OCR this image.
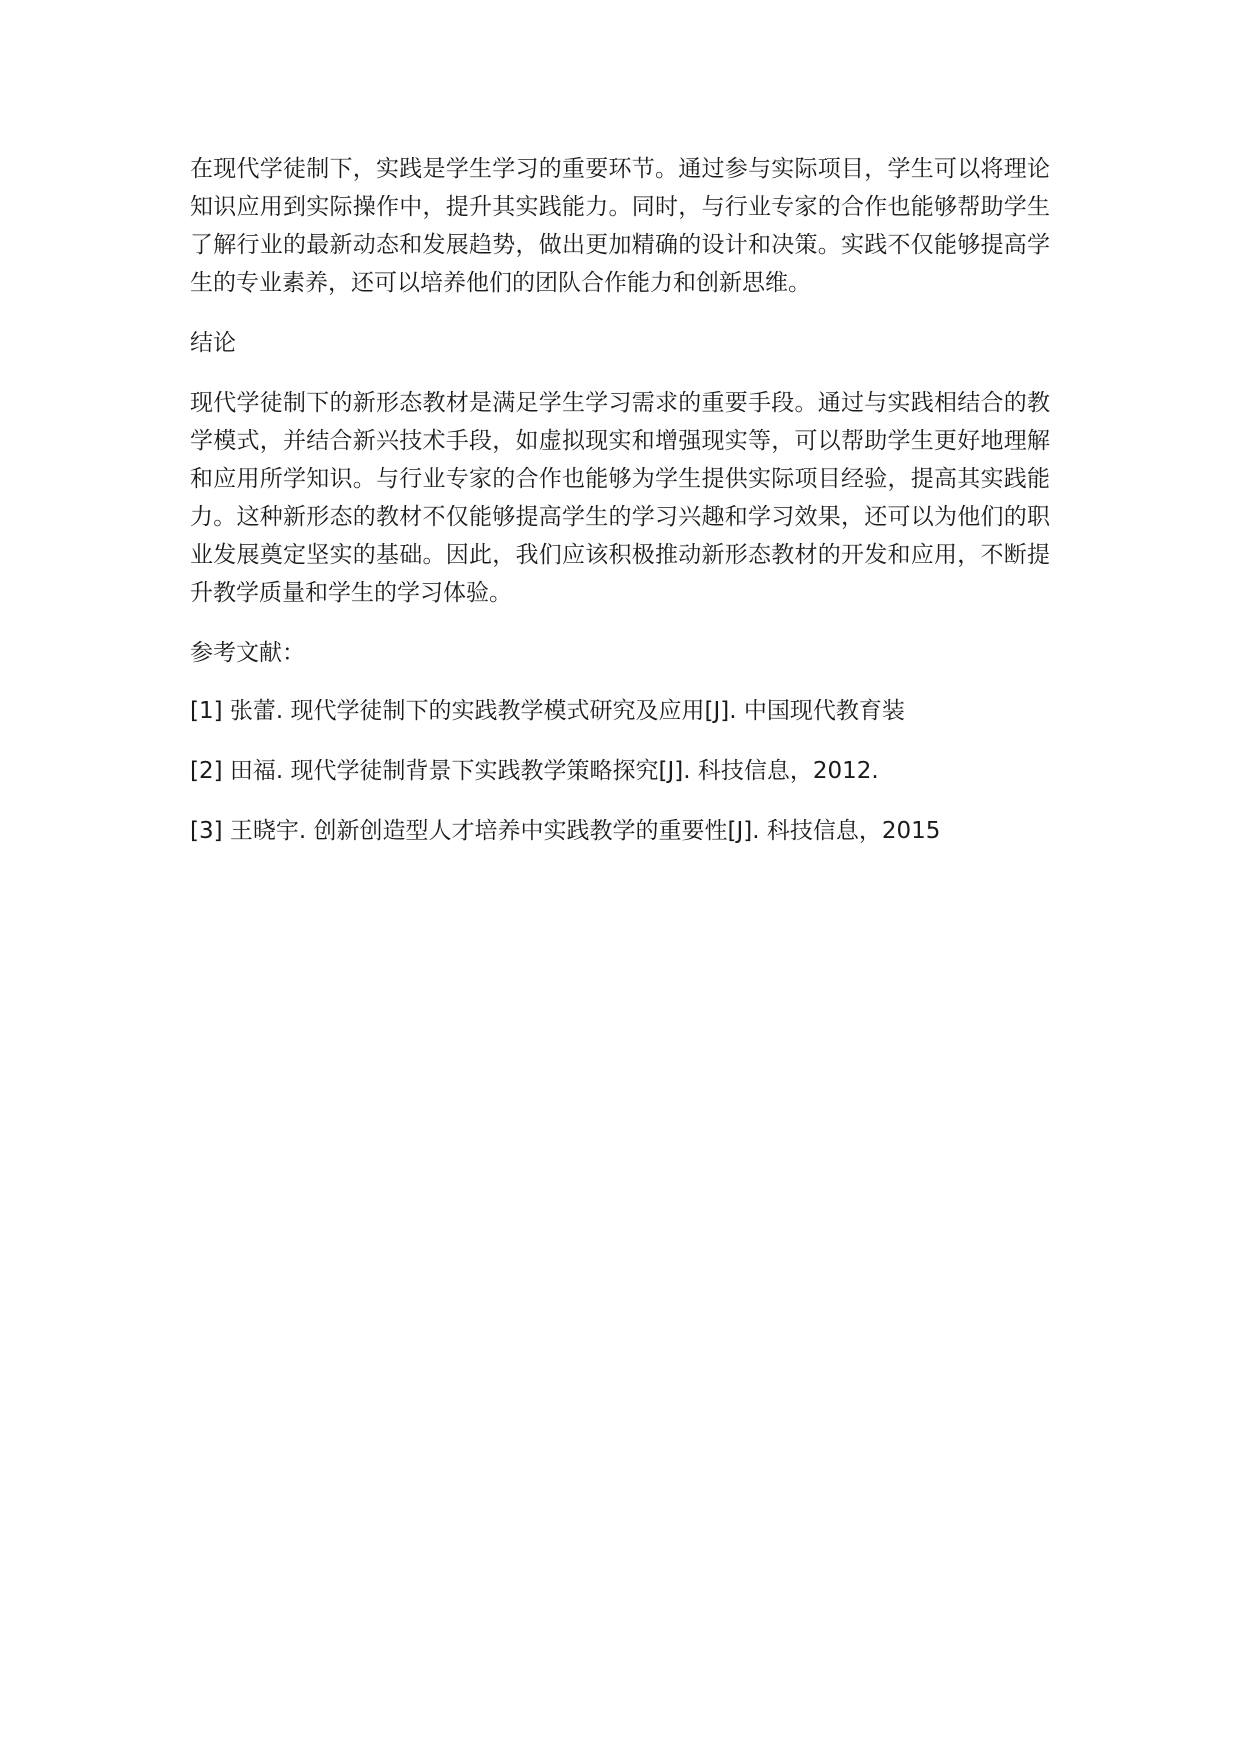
在现代学徒制下，实践是学生学习的重要环节。通过参与实际项目，学生可以将理论知识应用到实际操作中，提升其实践能力。同时，与行业专家的合作也能够帮助学生了解行业的最新动态和发展趋势，做出更加精确的设计和决策。实践不仅能够提高学生的专业素养，还可以培养他们的团队合作能力和创新思维。

结论

现代学徒制下的新形态教材是满足学生学习需求的重要手段。通过与实践相结合的教学模式，并结合新兴技术手段，如虚拟现实和增强现实等，可以帮助学生更好地理解和应用所学知识。与行业专家的合作也能够为学生提供实际项目经验，提高其实践能力。这种新形态的教材不仅能够提高学生的学习兴趣和学习效果，还可以为他们的职业发展奠定坚实的基础。因此，我们应该积极推动新形态教材的开发和应用，不断提升教学质量和学生的学习体验。

参考文献：

[1] 张蕾. 现代学徒制下的实践教学模式研究及应用[J]. 中国现代教育装

[2] 田福. 现代学徒制背景下实践教学策略探究[J]. 科技信息，2012.

[3] 王晓宇. 创新创造型人才培养中实践教学的重要性[J]. 科技信息，2015
